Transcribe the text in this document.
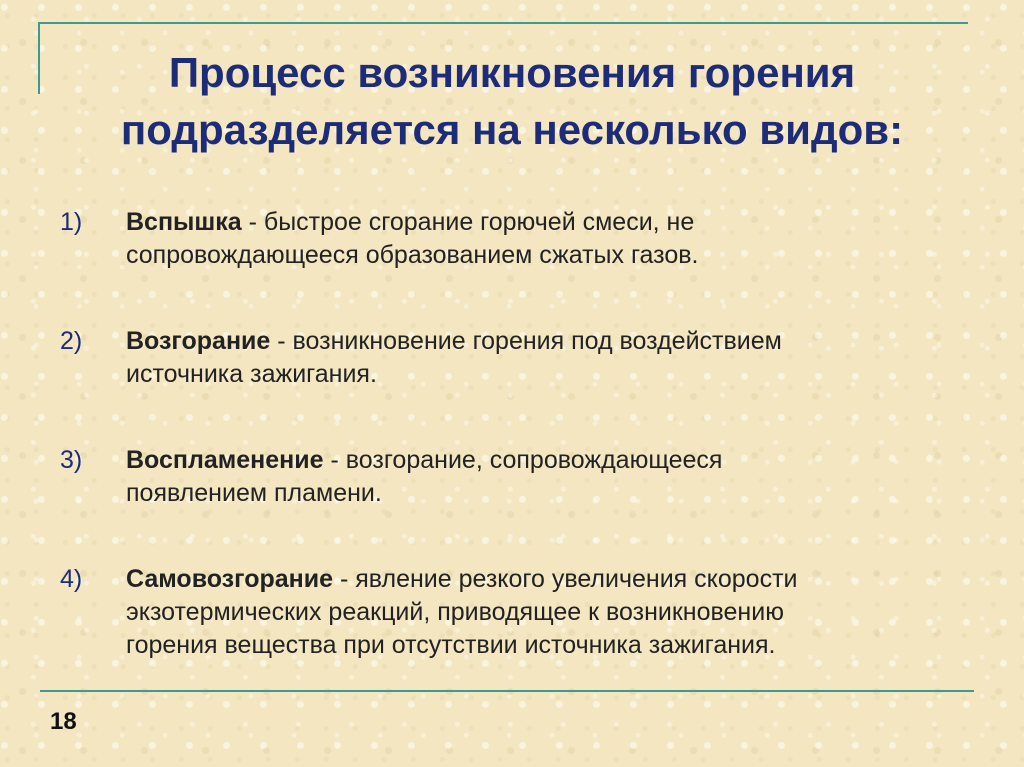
Процесс возникновения горения
подразделяется на несколько видов:
1) Вспышка - быстрое сгорание горючей смеси, не
сопровождающееся образованием сжатых газов.
2) Возгорание - возникновение горения под воздействием
источника зажигания.
3) Воспламенение - возгорание, сопровождающееся
появлением пламени.
4) Самовозгорание - явление резкого увеличения скорости
экзотермических реакций, приводящее к возникновению
горения вещества при отсутствии источника зажигания.
18
